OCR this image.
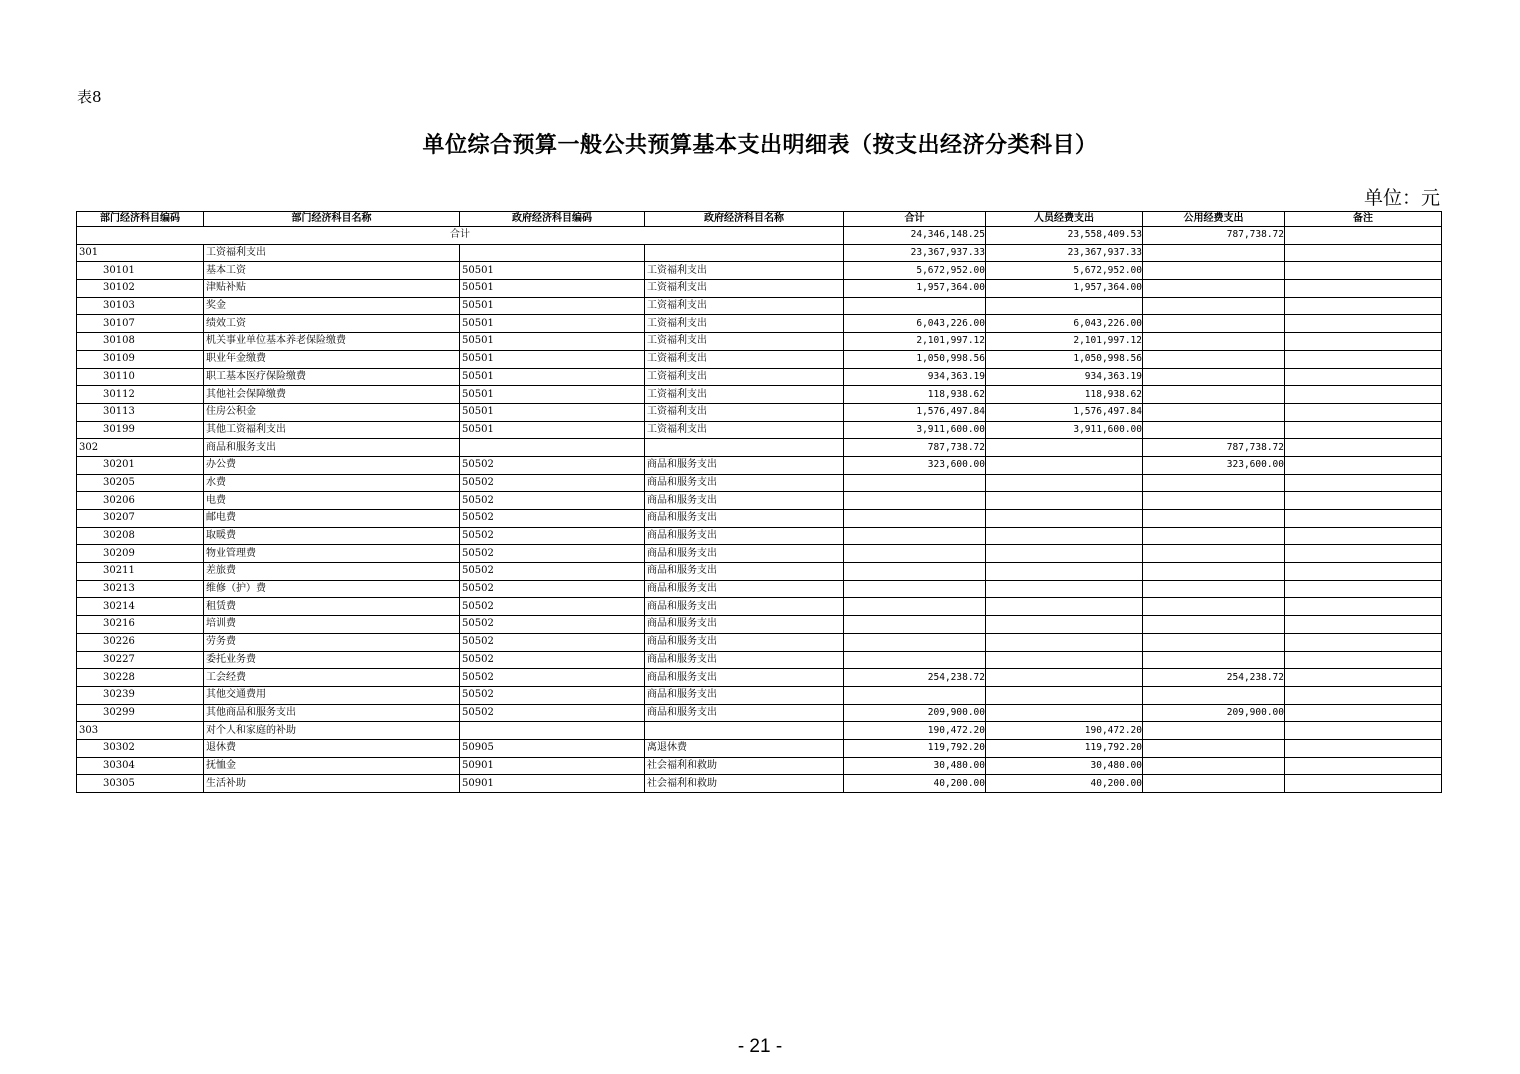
表8
单位综合预算一般公共预算基本支出明细表（按支出经济分类科目）
单位：元
部门经济科目编码	部门经济科目名称	政府经济科目编码	政府经济科目名称	合计	人员经费支出	公用经费支出	备注
合计				24,346,148.25	23,558,409.53	787,738.72	
301	工资福利支出			23,367,937.33	23,367,937.33		
30101	基本工资	50501	工资福利支出	5,672,952.00	5,672,952.00		
30102	津贴补贴	50501	工资福利支出	1,957,364.00	1,957,364.00		
30103	奖金	50501	工资福利支出				
30107	绩效工资	50501	工资福利支出	6,043,226.00	6,043,226.00		
30108	机关事业单位基本养老保险缴费	50501	工资福利支出	2,101,997.12	2,101,997.12		
30109	职业年金缴费	50501	工资福利支出	1,050,998.56	1,050,998.56		
30110	职工基本医疗保险缴费	50501	工资福利支出	934,363.19	934,363.19		
30112	其他社会保障缴费	50501	工资福利支出	118,938.62	118,938.62		
30113	住房公积金	50501	工资福利支出	1,576,497.84	1,576,497.84		
30199	其他工资福利支出	50501	工资福利支出	3,911,600.00	3,911,600.00		
302	商品和服务支出			787,738.72		787,738.72	
30201	办公费	50502	商品和服务支出	323,600.00		323,600.00	
30205	水费	50502	商品和服务支出				
30206	电费	50502	商品和服务支出				
30207	邮电费	50502	商品和服务支出				
30208	取暖费	50502	商品和服务支出				
30209	物业管理费	50502	商品和服务支出				
30211	差旅费	50502	商品和服务支出				
30213	维修（护）费	50502	商品和服务支出				
30214	租赁费	50502	商品和服务支出				
30216	培训费	50502	商品和服务支出				
30226	劳务费	50502	商品和服务支出				
30227	委托业务费	50502	商品和服务支出				
30228	工会经费	50502	商品和服务支出	254,238.72		254,238.72	
30239	其他交通费用	50502	商品和服务支出				
30299	其他商品和服务支出	50502	商品和服务支出	209,900.00		209,900.00	
303	对个人和家庭的补助			190,472.20	190,472.20		
30302	退休费	50905	离退休费	119,792.20	119,792.20		
30304	抚恤金	50901	社会福利和救助	30,480.00	30,480.00		
30305	生活补助	50901	社会福利和救助	40,200.00	40,200.00		
- 21 -
